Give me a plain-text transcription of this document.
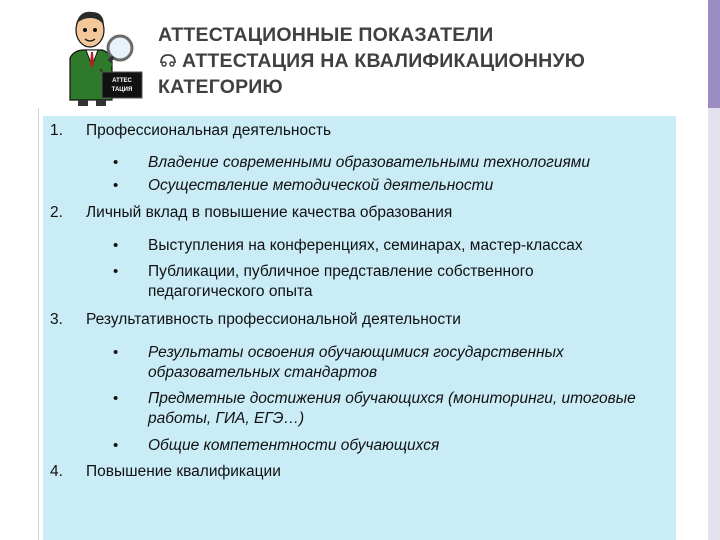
АТТЕС
ТАЦИЯ
АТТЕСТАЦИОННЫЕ ПОКАЗАТЕЛИ
АТТЕСТАЦИЯ НА КВАЛИФИКАЦИОННУЮ
КАТЕГОРИЮ
1. Профессиональная деятельность
• Владение современными образовательными технологиями
• Осуществление методической деятельности
2. Личный вклад в повышение качества образования
• Выступления на конференциях, семинарах, мастер-классах
• Публикации, публичное представление собственного педагогического опыта
3. Результативность профессиональной деятельности
• Результаты освоения обучающимися государственных образовательных стандартов
• Предметные достижения обучающихся (мониторинги, итоговые работы, ГИА, ЕГЭ…)
• Общие компетентности обучающихся
4. Повышение квалификации
